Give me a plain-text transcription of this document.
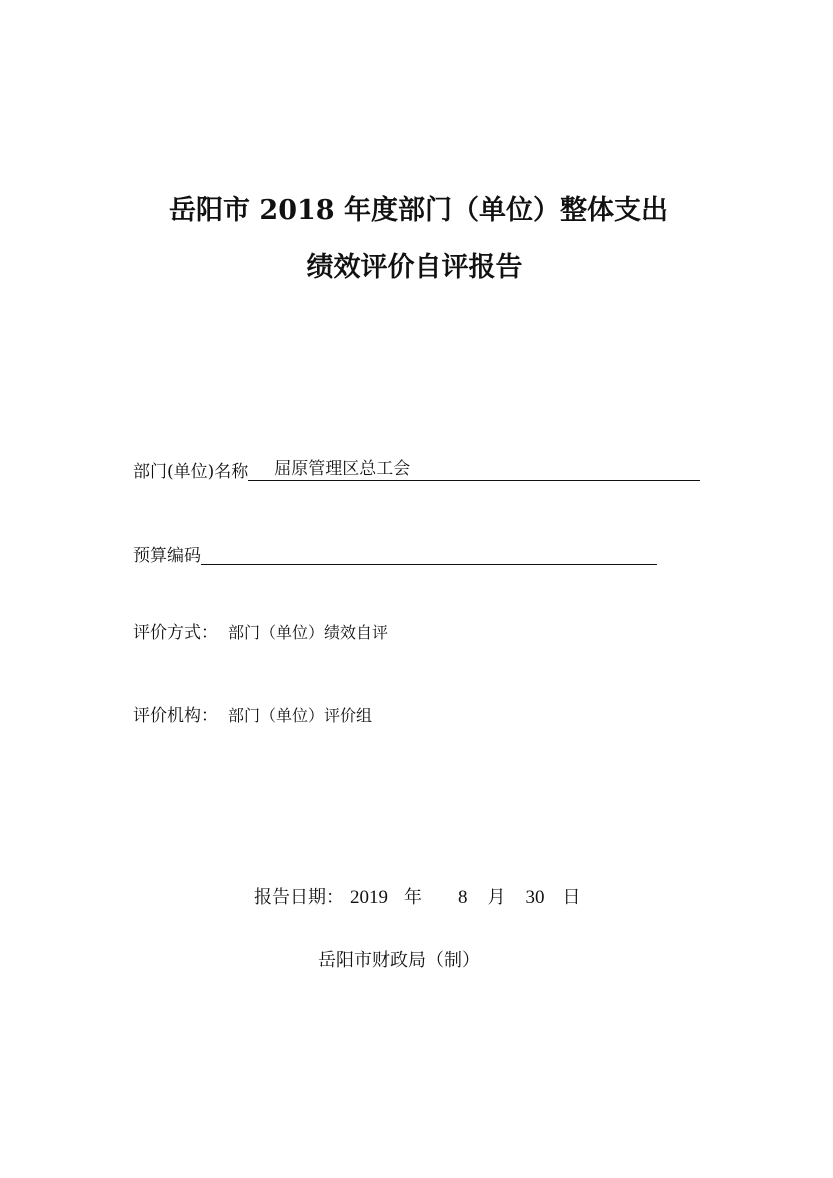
岳阳市 2018 年度部门（单位）整体支出
绩效评价自评报告
部门(单位)名称 屈原管理区总工会
预算编码
评价方式： 部门（单位）绩效自评
评价机构： 部门（单位）评价组
报告日期： 2019 年 8 月 30 日
岳阳市财政局（制）
